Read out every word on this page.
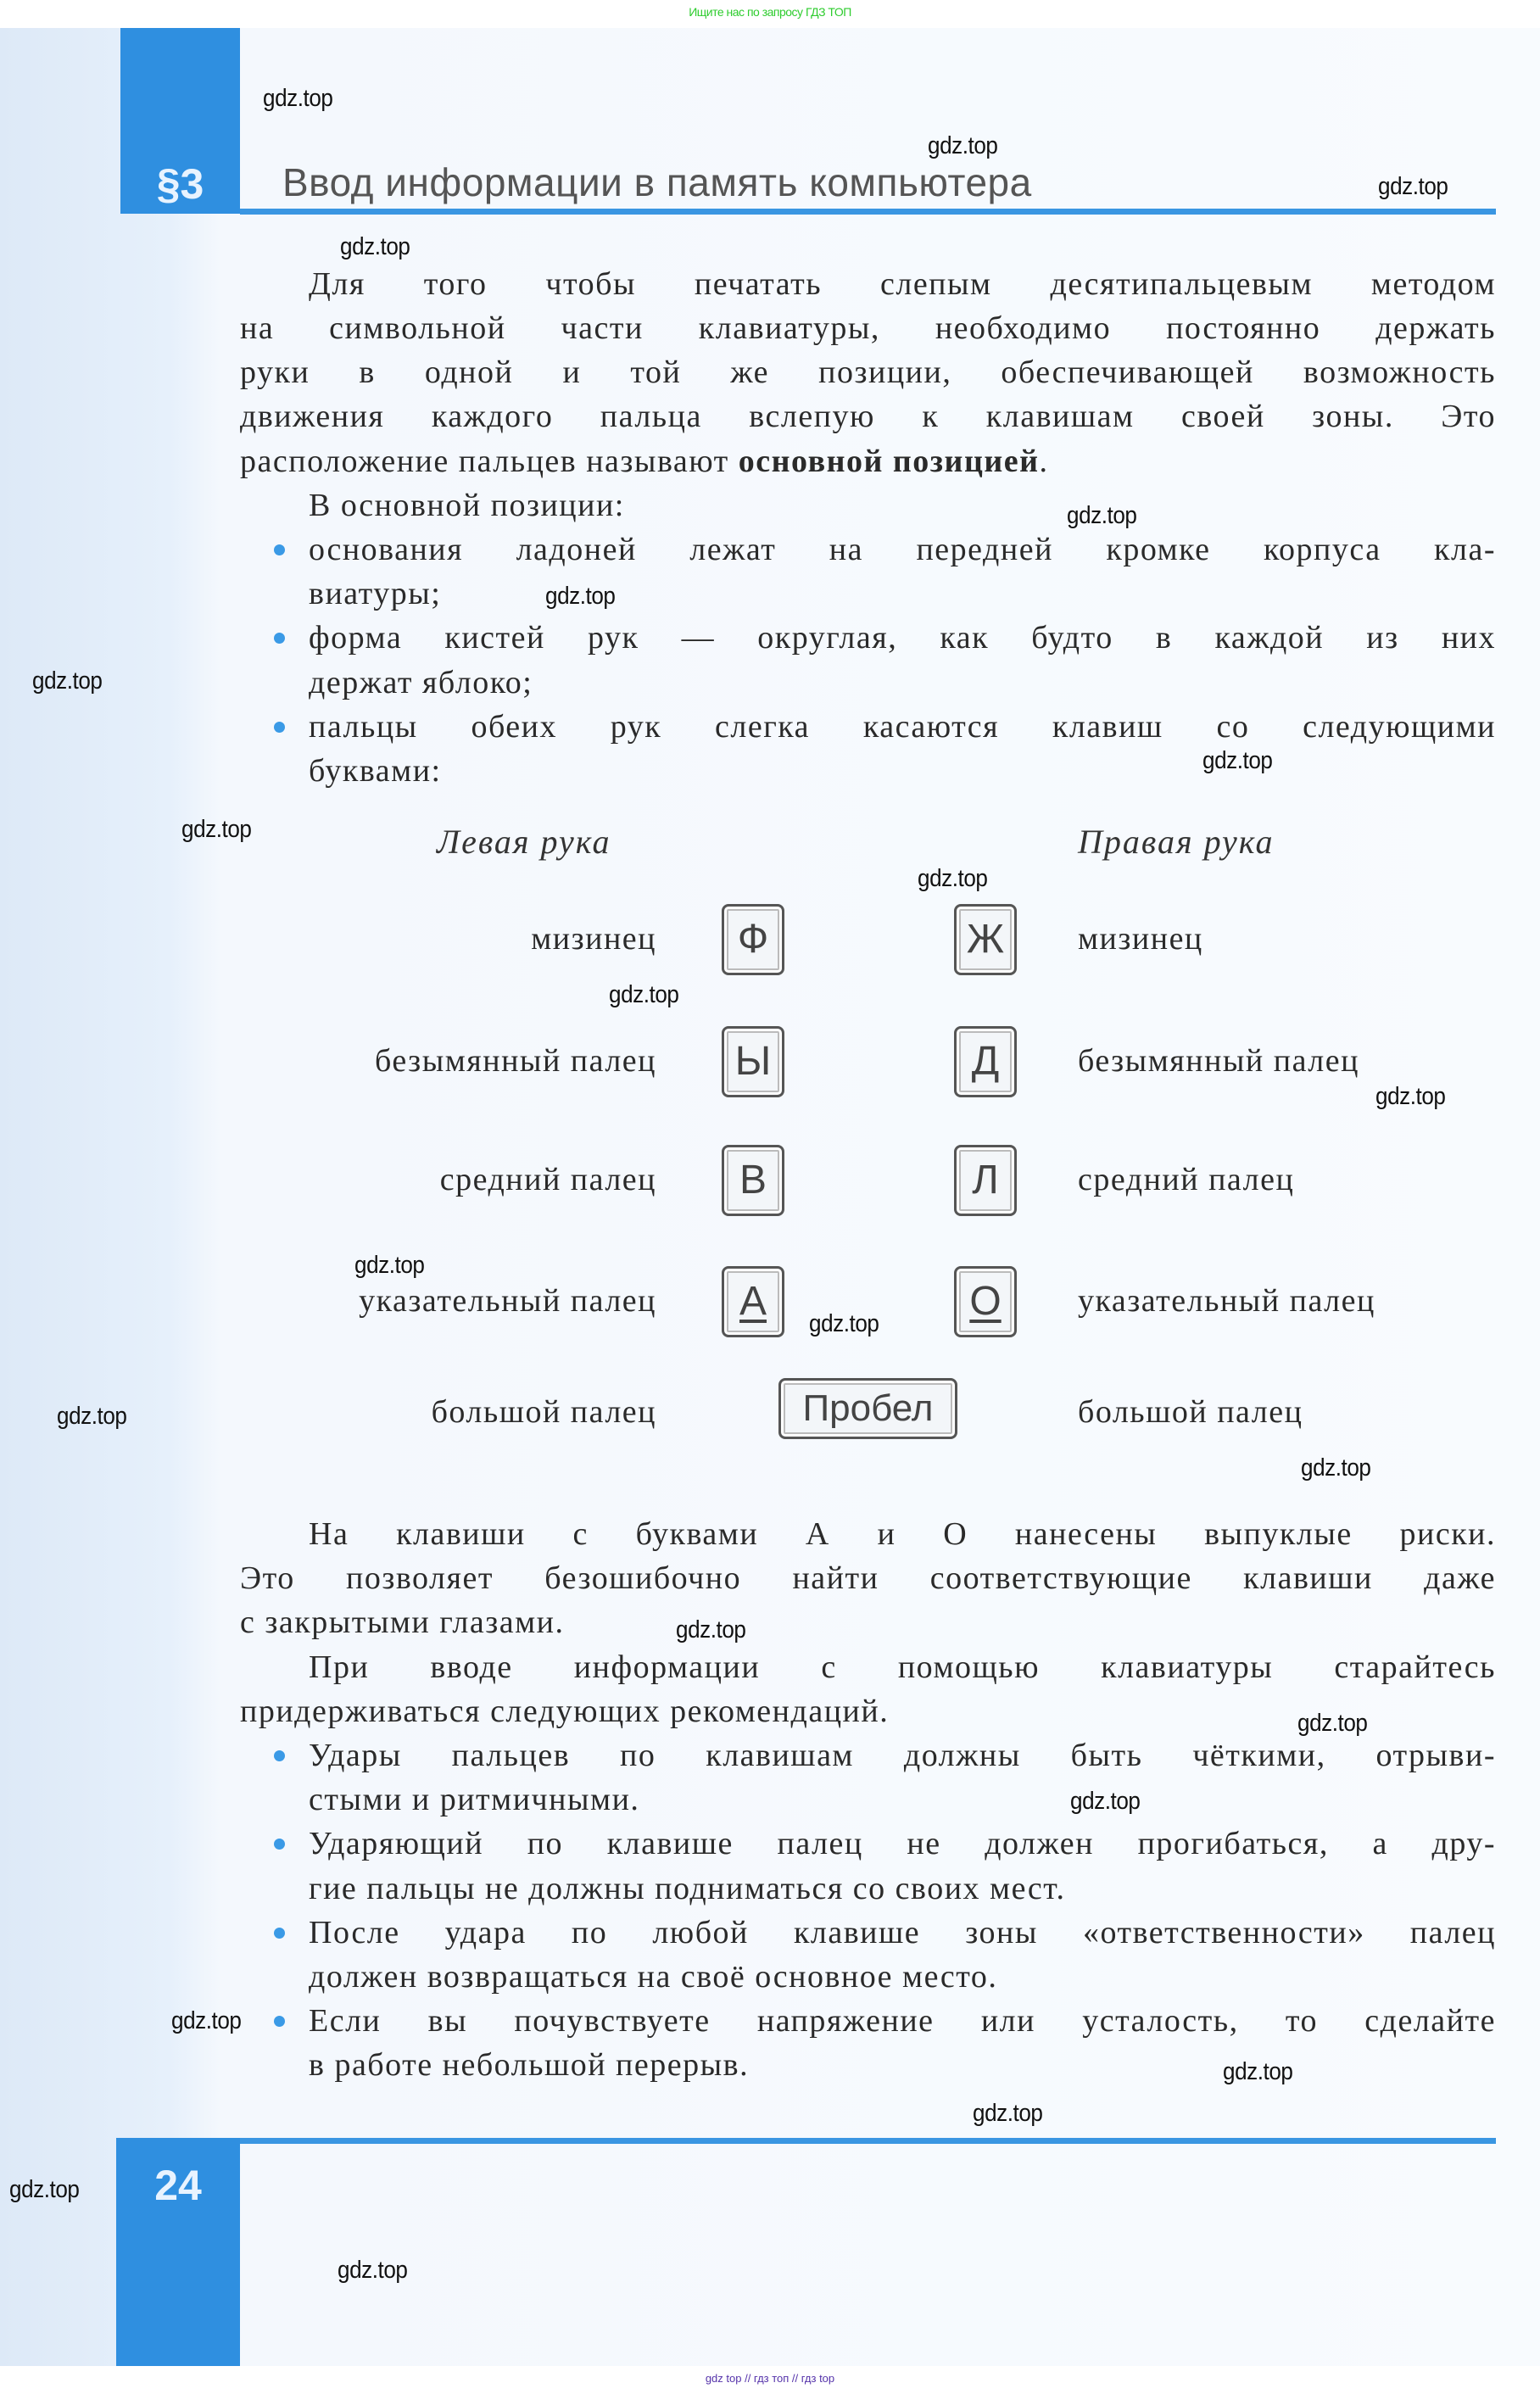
Ищите нас по запросу ГДЗ ТОП
§3	Ввод информации в память компьютера
расположение пальцев называют основной позицией.
Левая рука	Правая рука
мизинец	Ф	Ж	мизинец
безымянный палец	Ы	Д	безымянный палец
средний палец	В	Л	средний палец
указательный палец	А	О	указательный палец
большой палец	Пробел	большой палец
Для того чтобы печатать слепым десятипальцевым методом
на символьной части клавиатуры, необходимо постоянно держать
руки в одной и той же позиции, обеспечивающей возможность
движения каждого пальца вслепую к клавишам своей зоны. Это
В основной позиции:
основания ладоней лежат на передней кромке корпуса кла-
виатуры;
форма кистей рук — округлая, как будто в каждой из них
держат яблоко;
пальцы обеих рук слегка касаются клавиш со следующими
буквами:
На клавиши с буквами А и О нанесены выпуклые риски.
Это позволяет безошибочно найти соответствующие клавиши даже
с закрытыми глазами.
При вводе информации с помощью клавиатуры старайтесь
придерживаться следующих рекомендаций.
Удары пальцев по клавишам должны быть чёткими, отрыви-
стыми и ритмичными.
Ударяющий по клавише палец не должен прогибаться, а дру-
гие пальцы не должны подниматься со своих мест.
После удара по любой клавише зоны «ответственности» палец
должен возвращаться на своё основное место.
Если вы почувствуете напряжение или усталость, то сделайте
в работе небольшой перерыв.
24
gdz top // гдз топ // гдз top
gdz.top
gdz.top
gdz.top
gdz.top
gdz.top
gdz.top
gdz.top
gdz.top
gdz.top
gdz.top
gdz.top
gdz.top
gdz.top
gdz.top
gdz.top
gdz.top
gdz.top
gdz.top
gdz.top
gdz.top
gdz.top
gdz.top
gdz.top
gdz.top
